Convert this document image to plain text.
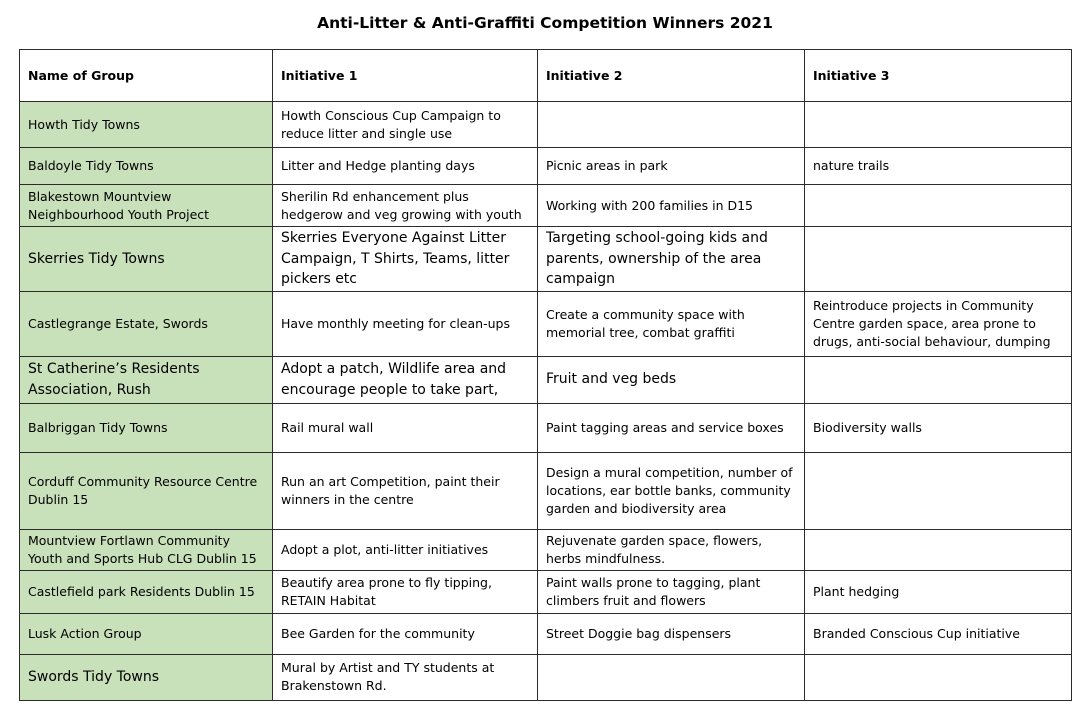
Anti-Litter & Anti-Graffiti Competition Winners 2021
Name of Group	Initiative 1	Initiative 2	Initiative 3
Howth Tidy Towns	Howth Conscious Cup Campaign to reduce litter and single use		
Baldoyle Tidy Towns	Litter and Hedge planting days	Picnic areas in park	nature trails
Blakestown Mountview Neighbourhood Youth Project	Sherilin Rd enhancement plus hedgerow and veg growing with youth	Working with 200 families in D15	
Skerries Tidy Towns	Skerries Everyone Against Litter Campaign, T Shirts, Teams, litter pickers etc	Targeting school-going kids and parents, ownership of the area campaign	
Castlegrange Estate, Swords	Have monthly meeting for clean-ups	Create a community space with memorial tree, combat graffiti	Reintroduce projects in Community Centre garden space, area prone to drugs, anti-social behaviour, dumping
St Catherine’s Residents Association, Rush	Adopt a patch, Wildlife area and encourage people to take part,	Fruit and veg beds	
Balbriggan Tidy Towns	Rail mural wall	Paint tagging areas and service boxes	Biodiversity walls
Corduff Community Resource Centre Dublin 15	Run an art Competition, paint their winners in the centre	Design a mural competition, number of locations, ear bottle banks, community garden and biodiversity area	
Mountview Fortlawn Community Youth and Sports Hub CLG Dublin 15	Adopt a plot, anti-litter initiatives	Rejuvenate garden space, flowers, herbs mindfulness.	
Castlefield park Residents Dublin 15	Beautify area prone to fly tipping, RETAIN Habitat	Paint walls prone to tagging, plant climbers fruit and flowers	Plant hedging
Lusk Action Group	Bee Garden for the community	Street Doggie bag dispensers	Branded Conscious Cup initiative
Swords Tidy Towns	Mural by Artist and TY students at Brakenstown Rd.		
